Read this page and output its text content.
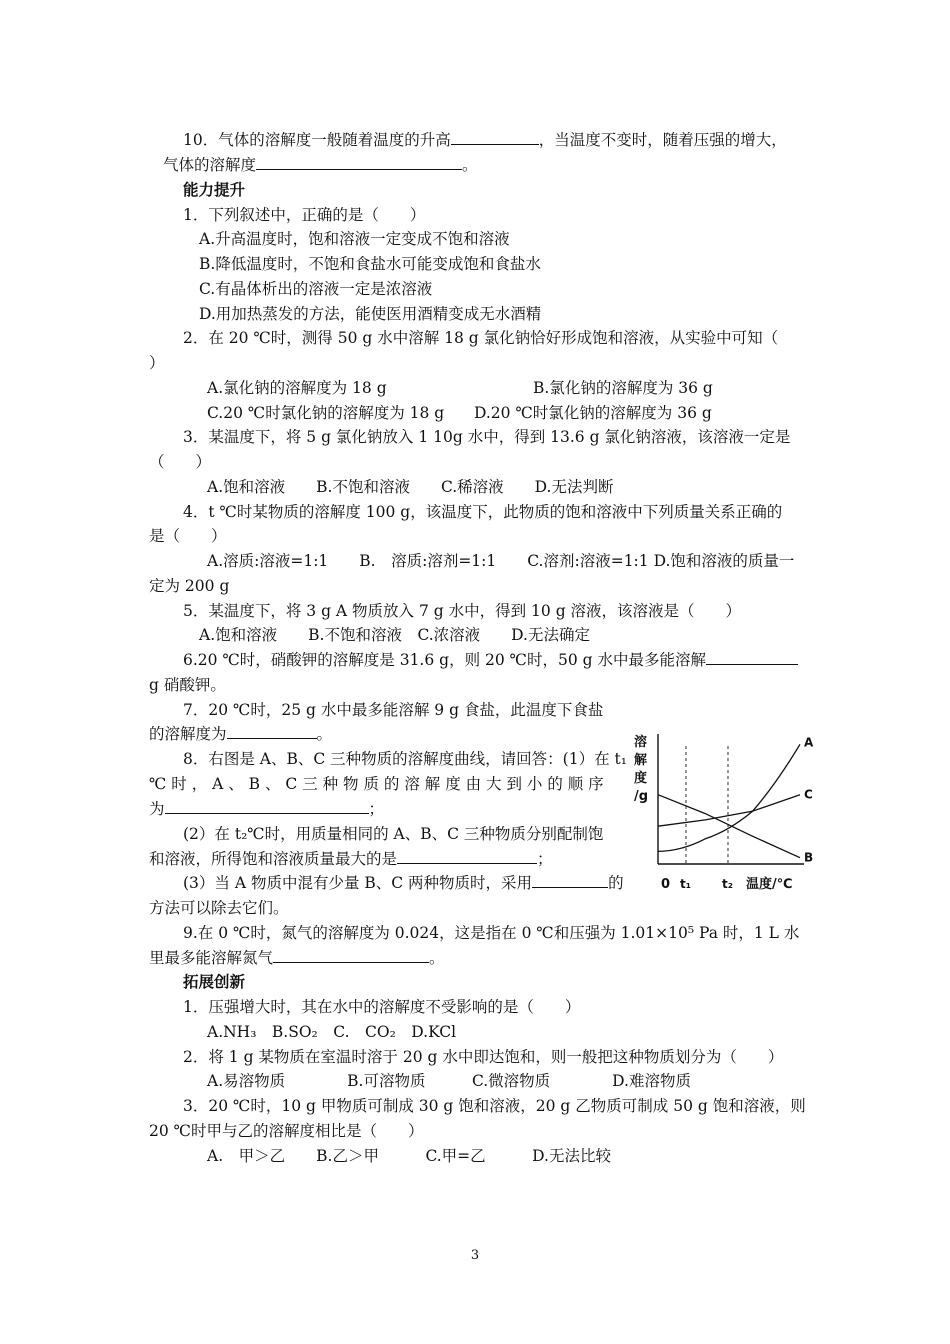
10．气体的溶解度一般随着温度的升高	，当温度不变时，随着压强的增大，
气体的溶解度	。
能力提升
1．下列叙述中，正确的是（　　）
A.升高温度时，饱和溶液一定变成不饱和溶液
B.降低温度时，不饱和食盐水可能变成饱和食盐水
C.有晶体析出的溶液一定是浓溶液
D.用加热蒸发的方法，能使医用酒精变成无水酒精
2．在 20 ℃时，测得 50 g 水中溶解 18 g 氯化钠恰好形成饱和溶液，从实验中可知（
）
A.氯化钠的溶解度为 18 g	B.氯化钠的溶解度为 36 g
C.20 ℃时氯化钠的溶解度为 18 g D.20 ℃时氯化钠的溶解度为 36 g
3．某温度下，将 5 g 氯化钠放入 1 10g 水中，得到 13.6 g 氯化钠溶液，该溶液一定是
（　　）
A.饱和溶液　　B.不饱和溶液　　C.稀溶液　　D.无法判断
4．t ℃时某物质的溶解度 100 g，该温度下，此物质的饱和溶液中下列质量关系正确的
是（　　）
A.溶质:溶液=1:1　　B.　溶质:溶剂=1:1　　C.溶剂:溶液=1:1 D.饱和溶液的质量一
定为 200 g
5．某温度下，将 3 g A 物质放入 7 g 水中，得到 10 g 溶液，该溶液是（　　）
A.饱和溶液　　B.不饱和溶液　C.浓溶液　　D.无法确定
6.20 ℃时，硝酸钾的溶解度是 31.6 g，则 20 ℃时，50 g 水中最多能溶解
g 硝酸钾。
7．20 ℃时，25 g 水中最多能溶解 9 g 食盐，此温度下食盐
的溶解度为	。
8．右图是 A、B、C 三种物质的溶解度曲线，请回答：(1）在 t₁
℃ 时 ， A 、 B 、 C 三 种 物 质 的 溶 解 度 由 大 到 小 的 顺 序
为	；
(2）在 t₂℃时，用质量相同的 A、B、C 三种物质分别配制饱
和溶液，所得饱和溶液质量最大的是	；
(3）当 A 物质中混有少量 B、C 两种物质时，采用	的
方法可以除去它们。
溶
解
度
/g
A
B
C
0 t₁	t₂ 温度/℃
9.在 0 ℃时，氮气的溶解度为 0.024，这是指在 0 ℃和压强为 1.01×10⁵ Pa 时，1 L 水
里最多能溶解氮气	。
拓展创新
1．压强增大时，其在水中的溶解度不受影响的是（　　）
A.NH₃　B.SO₂　C.　CO₂　D.KCl
2．将 1 g 某物质在室温时溶于 20 g 水中即达饱和，则一般把这种物质划分为（　　）
A.易溶物质　　　　B.可溶物质　　　C.微溶物质　　　　D.难溶物质
3．20 ℃时，10 g 甲物质可制成 30 g 饱和溶液，20 g 乙物质可制成 50 g 饱和溶液，则
20 ℃时甲与乙的溶解度相比是（　　）
A.　甲＞乙　　B.乙＞甲　　　C.甲=乙　　　D.无法比较
3
